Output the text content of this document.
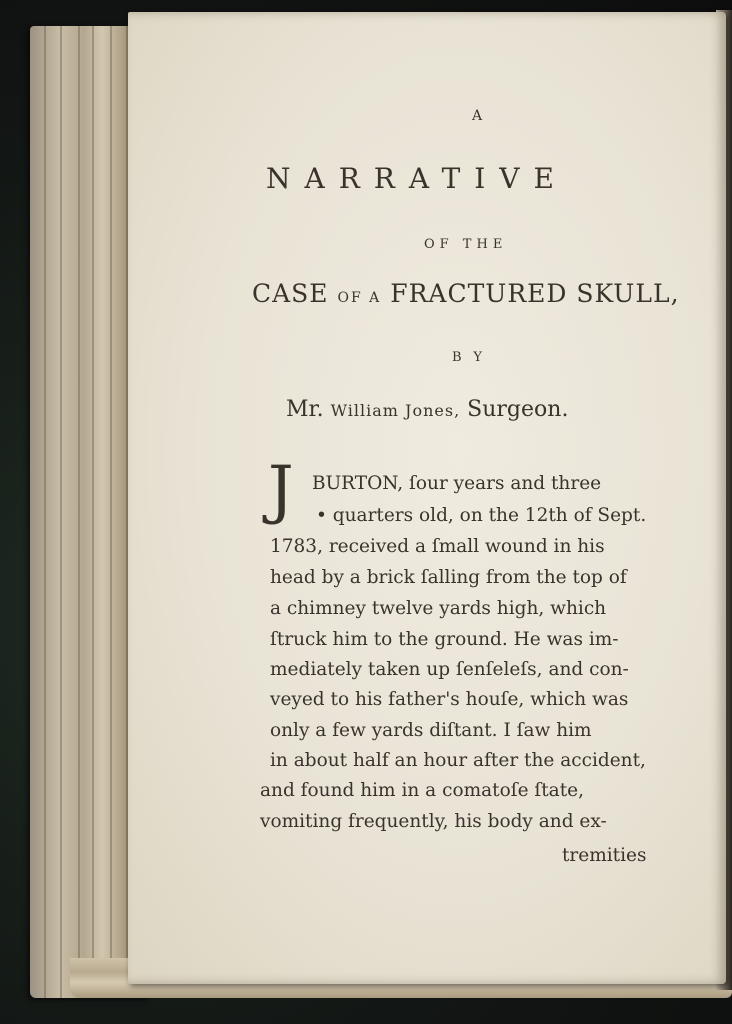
A
NARRATIVE
OF THE
CASE OF A FRACTURED SKULL,
BY
Mr. William Jones, Surgeon.
J BURTON, ſour years and three
• quarters old, on the 12th of Sept.
1783, received a ſmall wound in his
head by a brick ſalling from the top of
a chimney twelve yards high, which
ſtruck him to the ground. He was im-
mediately taken up ſenſeleſs, and con-
veyed to his father's houſe, which was
only a few yards diſtant. I ſaw him
in about half an hour after the accident,
and found him in a comatoſe ſtate,
vomiting frequently, his body and ex-
tremities
